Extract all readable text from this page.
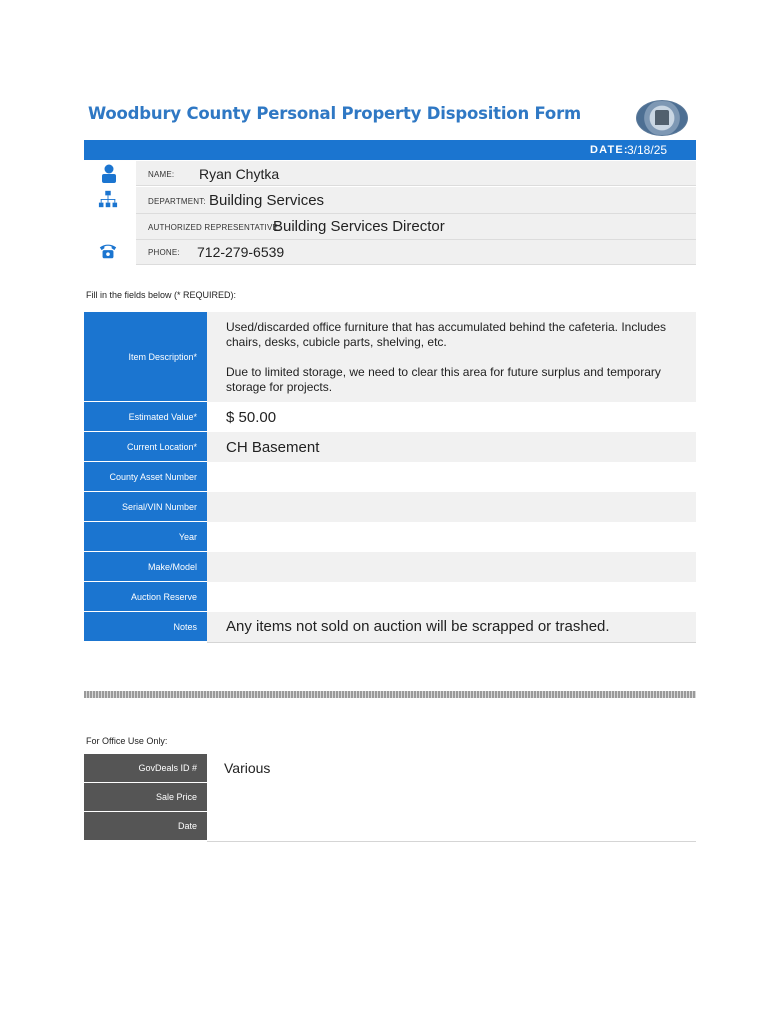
Woodbury County Personal Property Disposition Form
DATE:
3/18/25
NAME: Ryan Chytka
DEPARTMENT: Building Services
AUTHORIZED REPRESENTATIVE:
Building Services Director
PHONE: 712-279-6539
Fill in the fields below (* REQUIRED):
Item Description*
Used/discarded office furniture that has accumulated behind the cafeteria. Includes chairs, desks, cubicle parts, shelving, etc.
Due to limited storage, we need to clear this area for future surplus and temporary storage for projects.
Estimated Value*	$ 50.00
Current Location*	CH Basement
County Asset Number
Serial/VIN Number
Year
Make/Model
Auction Reserve
Notes	Any items not sold on auction will be scrapped or trashed.
For Office Use Only:
GovDeals ID #	Various
Sale Price
Date
